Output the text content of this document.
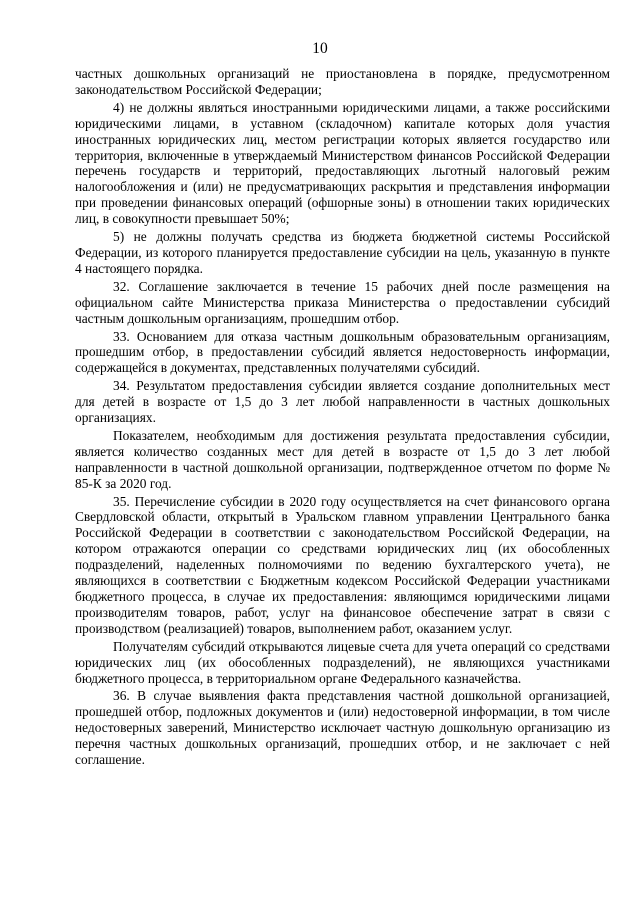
10

частных дошкольных организаций не приостановлена в порядке, предусмотренном законодательством Российской Федерации;

4) не должны являться иностранными юридическими лицами, а также российскими юридическими лицами, в уставном (складочном) капитале которых доля участия иностранных юридических лиц, местом регистрации которых является государство или территория, включенные в утверждаемый Министерством финансов Российской Федерации перечень государств и территорий, предоставляющих льготный налоговый режим налогообложения и (или) не предусматривающих раскрытия и представления информации при проведении финансовых операций (офшорные зоны) в отношении таких юридических лиц, в совокупности превышает 50%;

5) не должны получать средства из бюджета бюджетной системы Российской Федерации, из которого планируется предоставление субсидии на цель, указанную в пункте 4 настоящего порядка.

32. Соглашение заключается в течение 15 рабочих дней после размещения на официальном сайте Министерства приказа Министерства о предоставлении субсидий частным дошкольным организациям, прошедшим отбор.

33. Основанием для отказа частным дошкольным образовательным организациям, прошедшим отбор, в предоставлении субсидий является недостоверность информации, содержащейся в документах, представленных получателями субсидий.

34. Результатом предоставления субсидии является создание дополнительных мест для детей в возрасте от 1,5 до 3 лет любой направленности в частных дошкольных организациях.

Показателем, необходимым для достижения результата предоставления субсидии, является количество созданных мест для детей в возрасте от 1,5 до 3 лет любой направленности в частной дошкольной организации, подтвержденное отчетом по форме № 85-К за 2020 год.

35. Перечисление субсидии в 2020 году осуществляется на счет финансового органа Свердловской области, открытый в Уральском главном управлении Центрального банка Российской Федерации в соответствии с законодательством Российской Федерации, на котором отражаются операции со средствами юридических лиц (их обособленных подразделений, наделенных полномочиями по ведению бухгалтерского учета), не являющихся в соответствии с Бюджетным кодексом Российской Федерации участниками бюджетного процесса, в случае их предоставления: являющимся юридическими лицами производителям товаров, работ, услуг на финансовое обеспечение затрат в связи с производством (реализацией) товаров, выполнением работ, оказанием услуг.

Получателям субсидий открываются лицевые счета для учета операций со средствами юридических лиц (их обособленных подразделений), не являющихся участниками бюджетного процесса, в территориальном органе Федерального казначейства.

36. В случае выявления факта представления частной дошкольной организацией, прошедшей отбор, подложных документов и (или) недостоверной информации, в том числе недостоверных заверений, Министерство исключает частную дошкольную организацию из перечня частных дошкольных организаций, прошедших отбор, и не заключает с ней соглашение.
